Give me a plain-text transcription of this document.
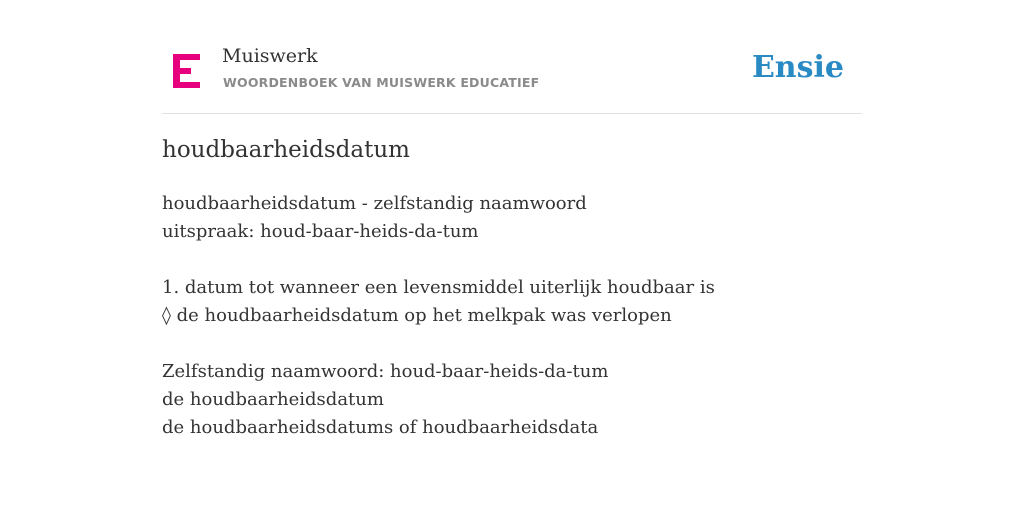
Muiswerk
WOORDENBOEK VAN MUISWERK EDUCATIEF	Ensie
houdbaarheidsdatum
houdbaarheidsdatum - zelfstandig naamwoord
uitspraak: houd-baar-heids-da-tum
1. datum tot wanneer een levensmiddel uiterlijk houdbaar is
◊ de houdbaarheidsdatum op het melkpak was verlopen
Zelfstandig naamwoord: houd-baar-heids-da-tum
de houdbaarheidsdatum
de houdbaarheidsdatums of houdbaarheidsdata
